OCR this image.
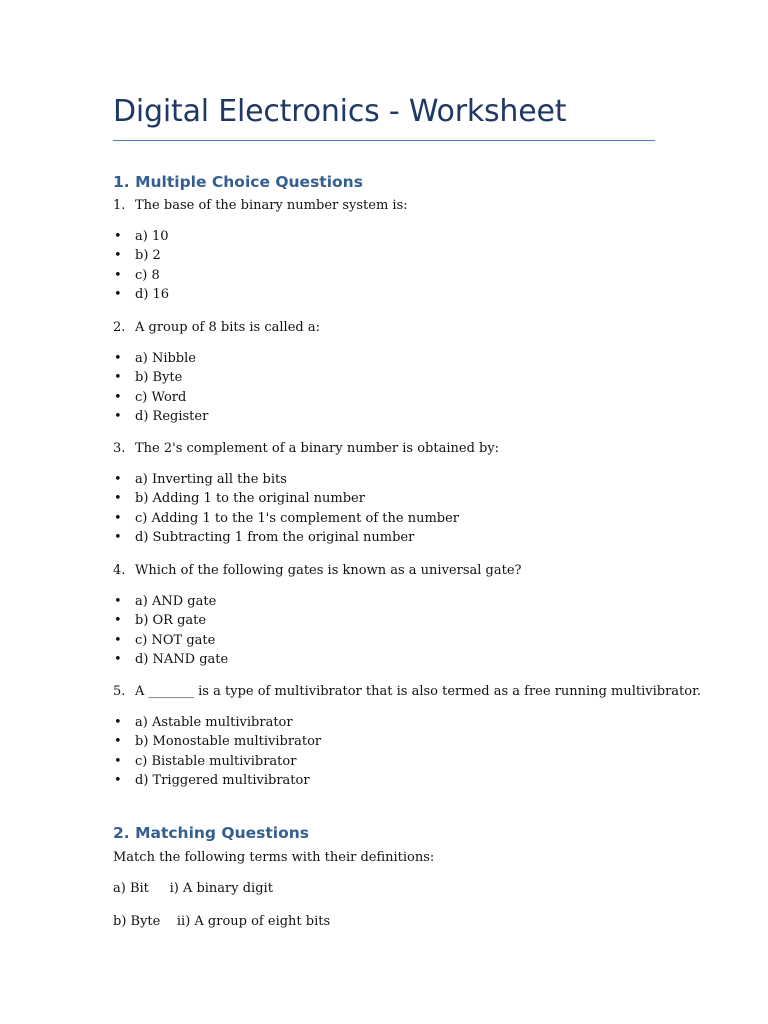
Digital Electronics - Worksheet
1. Multiple Choice Questions
1. The base of the binary number system is:
• a) 10
• b) 2
• c) 8
• d) 16
2. A group of 8 bits is called a:
• a) Nibble
• b) Byte
• c) Word
• d) Register
3. The 2's complement of a binary number is obtained by:
• a) Inverting all the bits
• b) Adding 1 to the original number
• c) Adding 1 to the 1's complement of the number
• d) Subtracting 1 from the original number
4. Which of the following gates is known as a universal gate?
• a) AND gate
• b) OR gate
• c) NOT gate
• d) NAND gate
5. A _______ is a type of multivibrator that is also termed as a free running multivibrator.
• a) Astable multivibrator
• b) Monostable multivibrator
• c) Bistable multivibrator
• d) Triggered multivibrator
2. Matching Questions
Match the following terms with their definitions:
a) Bit i) A binary digit
b) Byte ii) A group of eight bits
